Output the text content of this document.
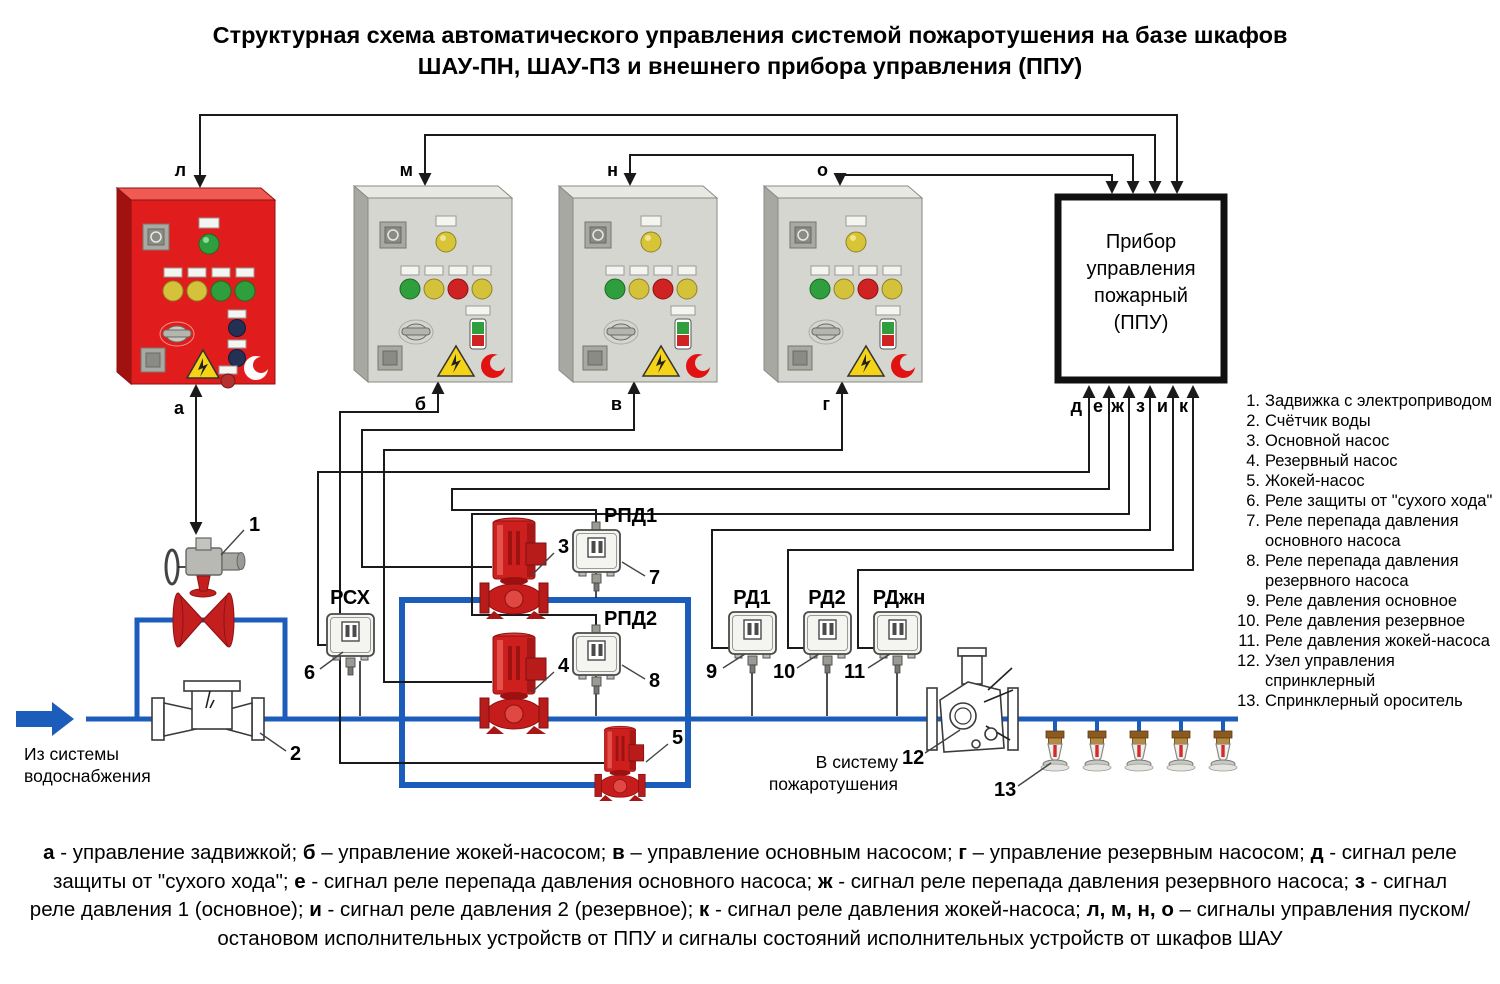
Структурная схема автоматического управления системой пожаротушения на базе шкафов
ШАУ-ПН, ШАУ-ПЗ и внешнего прибора управления (ППУ)
Прибор
управления
пожарный
(ППУ)
л	м	н	о
а	б	в	г	д е ж з и к
РСХ
РПД1
РПД2
РД1 РД2 РДжн
1
2
3
4
5
6
7
8 9	10 11
12
13
Из системы
водоснабжения
В систему
пожаротушения
1. Задвижка с электроприводом
2. Счётчик воды
3. Основной насос
4. Резервный насос
5. Жокей-насос
6. Реле защиты от "сухого хода"
7. Реле перепада давления основного насоса
8. Реле перепада давления резервного насоса
9. Реле давления основное
10. Реле давления резервное
11. Реле давления жокей-насоса
12. Узел управления спринклерный
13. Спринклерный ороситель
а - управление задвижкой; б – управление жокей-насосом; в – управление основным насосом; г – управление резервным насосом; д - сигнал реле защиты от "сухого хода"; е - сигнал реле перепада давления основного насоса; ж - сигнал реле перепада давления резервного насоса; з - сигнал реле давления 1 (основное); и - сигнал реле давления 2 (резервное); к - сигнал реле давления жокей-насоса; л, м, н, о – сигналы управления пуском/остановом исполнительных устройств от ППУ и сигналы состояний исполнительных устройств от шкафов ШАУ
